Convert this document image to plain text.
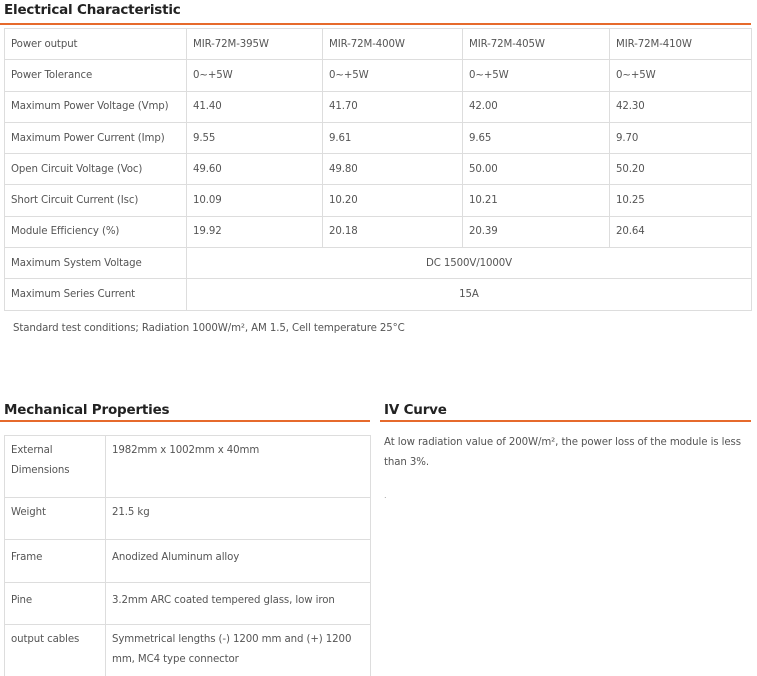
Electrical Characteristic
Power output	MIR-72M-395W	MIR-72M-400W	MIR-72M-405W	MIR-72M-410W
Power Tolerance	0~+5W	0~+5W	0~+5W	0~+5W
Maximum Power Voltage (Vmp)	41.40	41.70	42.00	42.30
Maximum Power Current (Imp)	9.55	9.61	9.65	9.70
Open Circuit Voltage (Voc)	49.60	49.80	50.00	50.20
Short Circuit Current (Isc)	10.09	10.20	10.21	10.25
Module Efficiency (%)	19.92	20.18	20.39	20.64
Maximum System Voltage	DC 1500V/1000V			
Maximum Series Current	15A			
Standard test conditions; Radiation 1000W/m², AM 1.5, Cell temperature 25°C
Mechanical Properties
External Dimensions	1982mm x 1002mm x 40mm
Weight	21.5 kg
Frame	Anodized Aluminum alloy
Pine	3.2mm ARC coated tempered glass, low iron
output cables	Symmetrical lengths (-) 1200 mm and (+) 1200 mm, MC4 type connector
IV Curve
At low radiation value of 200W/m², the power loss of the module is less than 3%.
.
